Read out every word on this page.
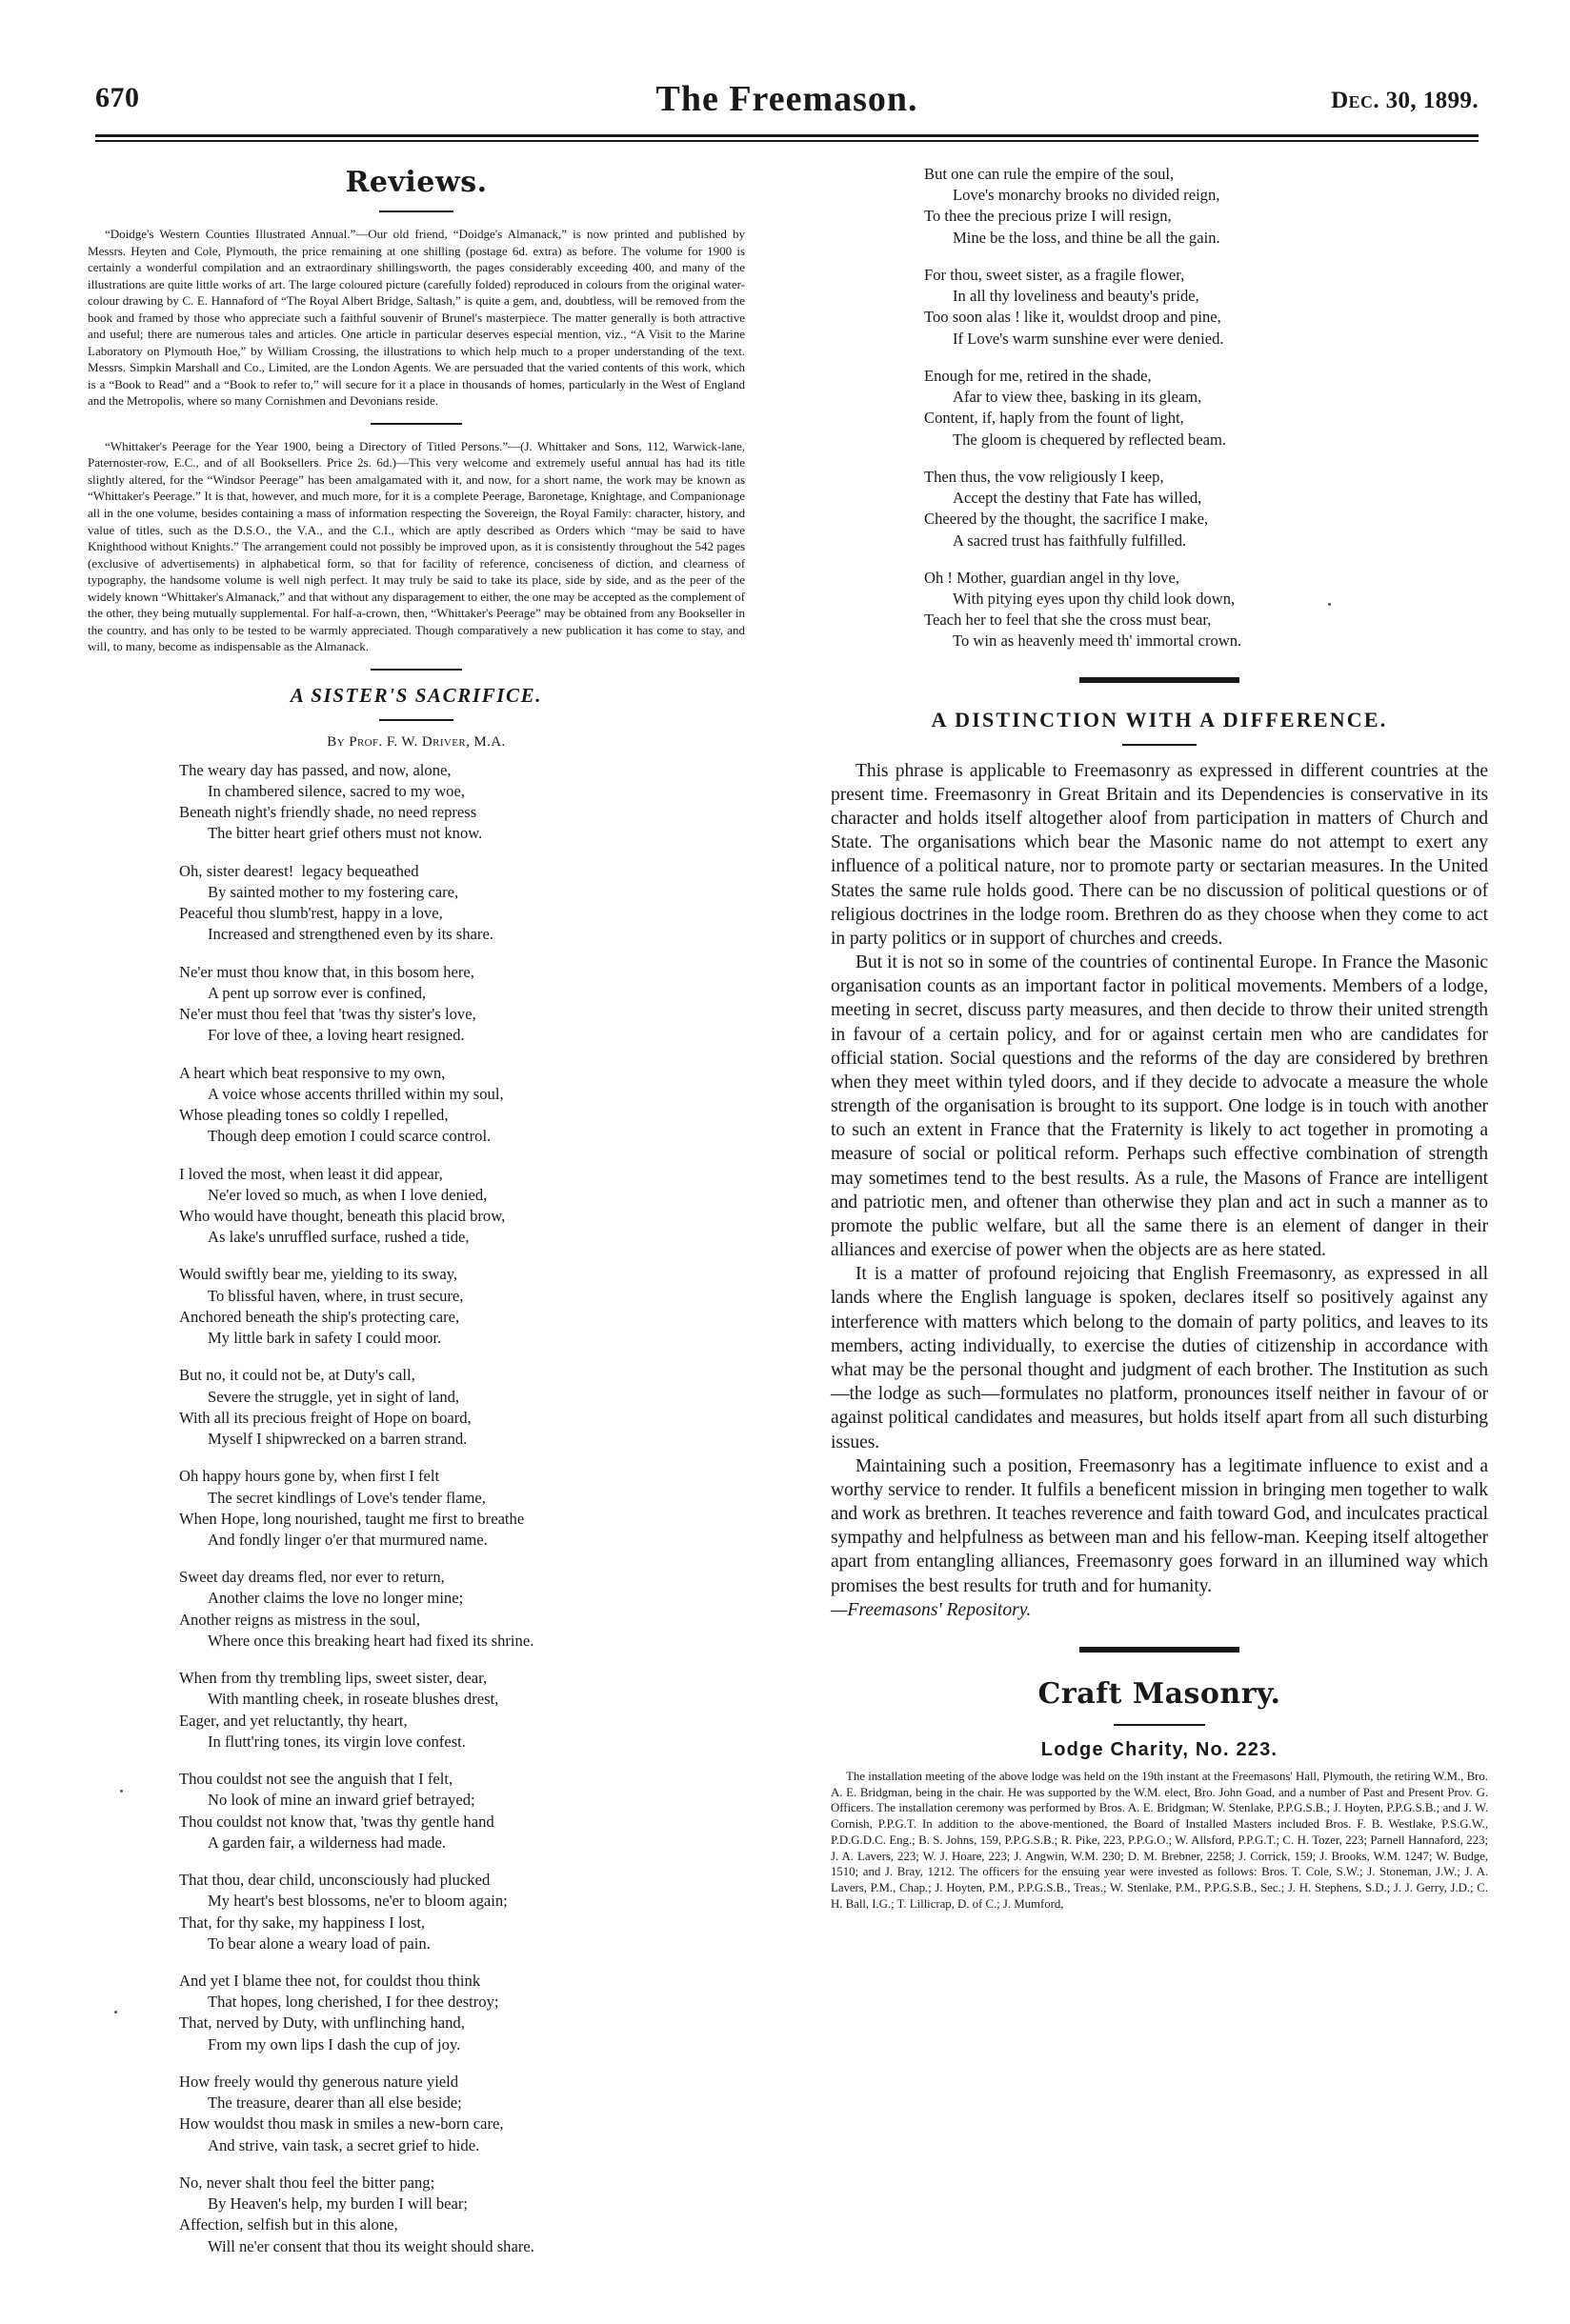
670	The Freemason.	Dec. 30, 1899.
Reviews.

“Doidge's Western Counties Illustrated Annual.”—Our old friend, “Doidge's Almanack,” is now printed and published by Messrs. Heyten and Cole, Plymouth, the price remaining at one shilling (postage 6d. extra) as before. The volume for 1900 is certainly a wonderful compilation and an extraordinary shillingsworth, the pages considerably exceeding 400, and many of the illustrations are quite little works of art. The large coloured picture (carefully folded) reproduced in colours from the original water-colour drawing by C. E. Hannaford of “The Royal Albert Bridge, Saltash,” is quite a gem, and, doubtless, will be removed from the book and framed by those who appreciate such a faithful souvenir of Brunel's masterpiece. The matter generally is both attractive and useful; there are numerous tales and articles. One article in particular deserves especial mention, viz., “A Visit to the Marine Laboratory on Plymouth Hoe,” by William Crossing, the illustrations to which help much to a proper understanding of the text. Messrs. Simpkin Marshall and Co., Limited, are the London Agents. We are persuaded that the varied contents of this work, which is a “Book to Read” and a “Book to refer to,” will secure for it a place in thousands of homes, particularly in the West of England and the Metropolis, where so many Cornishmen and Devonians reside.

“Whittaker's Peerage for the Year 1900, being a Directory of Titled Persons.”—(J. Whittaker and Sons, 112, Warwick-lane, Paternoster-row, E.C., and of all Booksellers. Price 2s. 6d.)—This very welcome and extremely useful annual has had its title slightly altered, for the “Windsor Peerage” has been amalgamated with it, and now, for a short name, the work may be known as “Whittaker's Peerage.” It is that, however, and much more, for it is a complete Peerage, Baronetage, Knightage, and Companionage all in the one volume, besides containing a mass of information respecting the Sovereign, the Royal Family: character, history, and value of titles, such as the D.S.O., the V.A., and the C.I., which are aptly described as Orders which “may be said to have Knighthood without Knights.” The arrangement could not possibly be improved upon, as it is consistently throughout the 542 pages (exclusive of advertisements) in alphabetical form, so that for facility of reference, conciseness of diction, and clearness of typography, the handsome volume is well nigh perfect. It may truly be said to take its place, side by side, and as the peer of the widely known “Whittaker's Almanack,” and that without any disparagement to either, the one may be accepted as the complement of the other, they being mutually supplemental. For half-a-crown, then, “Whittaker's Peerage” may be obtained from any Bookseller in the country, and has only to be tested to be warmly appreciated. Though comparatively a new publication it has come to stay, and will, to many, become as indispensable as the Almanack.

A SISTER'S SACRIFICE.
By Prof. F. W. Driver, M.A.
The weary day has passed, and now, alone,
In chambered silence, sacred to my woe,
Beneath night's friendly shade, no need repress
The bitter heart grief others must not know.
Oh, sister dearest!  legacy bequeathed
By sainted mother to my fostering care,
Peaceful thou slumb'rest, happy in a love,
Increased and strengthened even by its share.
Ne'er must thou know that, in this bosom here,
A pent up sorrow ever is confined,
Ne'er must thou feel that 'twas thy sister's love,
For love of thee, a loving heart resigned.
A heart which beat responsive to my own,
A voice whose accents thrilled within my soul,
Whose pleading tones so coldly I repelled,
Though deep emotion I could scarce control.
I loved the most, when least it did appear,
Ne'er loved so much, as when I love denied,
Who would have thought, beneath this placid brow,
As lake's unruffled surface, rushed a tide,
Would swiftly bear me, yielding to its sway,
To blissful haven, where, in trust secure,
Anchored beneath the ship's protecting care,
My little bark in safety I could moor.
But no, it could not be, at Duty's call,
Severe the struggle, yet in sight of land,
With all its precious freight of Hope on board,
Myself I shipwrecked on a barren strand.
Oh happy hours gone by, when first I felt
The secret kindlings of Love's tender flame,
When Hope, long nourished, taught me first to breathe
And fondly linger o'er that murmured name.
Sweet day dreams fled, nor ever to return,
Another claims the love no longer mine;
Another reigns as mistress in the soul,
Where once this breaking heart had fixed its shrine.
When from thy trembling lips, sweet sister, dear,
With mantling cheek, in roseate blushes drest,
Eager, and yet reluctantly, thy heart,
In flutt'ring tones, its virgin love confest.
Thou couldst not see the anguish that I felt,
No look of mine an inward grief betrayed;
Thou couldst not know that, 'twas thy gentle hand
A garden fair, a wilderness had made.
That thou, dear child, unconsciously had plucked
My heart's best blossoms, ne'er to bloom again;
That, for thy sake, my happiness I lost,
To bear alone a weary load of pain.
And yet I blame thee not, for couldst thou think
That hopes, long cherished, I for thee destroy;
That, nerved by Duty, with unflinching hand,
From my own lips I dash the cup of joy.
How freely would thy generous nature yield
The treasure, dearer than all else beside;
How wouldst thou mask in smiles a new-born care,
And strive, vain task, a secret grief to hide.
No, never shalt thou feel the bitter pang;
By Heaven's help, my burden I will bear;
Affection, selfish but in this alone,
Will ne'er consent that thou its weight should share.
But one can rule the empire of the soul,
Love's monarchy brooks no divided reign,
To thee the precious prize I will resign,
Mine be the loss, and thine be all the gain.
For thou, sweet sister, as a fragile flower,
In all thy loveliness and beauty's pride,
Too soon alas ! like it, wouldst droop and pine,
If Love's warm sunshine ever were denied.
Enough for me, retired in the shade,
Afar to view thee, basking in its gleam,
Content, if, haply from the fount of light,
The gloom is chequered by reflected beam.
Then thus, the vow religiously I keep,
Accept the destiny that Fate has willed,
Cheered by the thought, the sacrifice I make,
A sacred trust has faithfully fulfilled.
Oh ! Mother, guardian angel in thy love,
With pitying eyes upon thy child look down,
Teach her to feel that she the cross must bear,
To win as heavenly meed th' immortal crown.
A DISTINCTION WITH A DIFFERENCE.

This phrase is applicable to Freemasonry as expressed in different countries at the present time. Freemasonry in Great Britain and its Dependencies is conservative in its character and holds itself altogether aloof from participation in matters of Church and State. The organisations which bear the Masonic name do not attempt to exert any influence of a political nature, nor to promote party or sectarian measures. In the United States the same rule holds good. There can be no discussion of political questions or of religious doctrines in the lodge room. Brethren do as they choose when they come to act in party politics or in support of churches and creeds.

But it is not so in some of the countries of continental Europe. In France the Masonic organisation counts as an important factor in political movements. Members of a lodge, meeting in secret, discuss party measures, and then decide to throw their united strength in favour of a certain policy, and for or against certain men who are candidates for official station. Social questions and the reforms of the day are considered by brethren when they meet within tyled doors, and if they decide to advocate a measure the whole strength of the organisation is brought to its support. One lodge is in touch with another to such an extent in France that the Fraternity is likely to act together in promoting a measure of social or political reform. Perhaps such effective combination of strength may sometimes tend to the best results. As a rule, the Masons of France are intelligent and patriotic men, and oftener than otherwise they plan and act in such a manner as to promote the public welfare, but all the same there is an element of danger in their alliances and exercise of power when the objects are as here stated.

It is a matter of profound rejoicing that English Freemasonry, as expressed in all lands where the English language is spoken, declares itself so positively against any interference with matters which belong to the domain of party politics, and leaves to its members, acting individually, to exercise the duties of citizenship in accordance with what may be the personal thought and judgment of each brother. The Institution as such—the lodge as such—formulates no platform, pronounces itself neither in favour of or against political candidates and measures, but holds itself apart from all such disturbing issues.

Maintaining such a position, Freemasonry has a legitimate influence to exist and a worthy service to render. It fulfils a beneficent mission in bringing men together to walk and work as brethren. It teaches reverence and faith toward God, and inculcates practical sympathy and helpfulness as between man and his fellow-man. Keeping itself altogether apart from entangling alliances, Freemasonry goes forward in an illumined way which promises the best results for truth and for humanity.

—Freemasons' Repository.

Craft Masonry.
Lodge Charity, No. 223.

The installation meeting of the above lodge was held on the 19th instant at the Freemasons' Hall, Plymouth, the retiring W.M., Bro. A. E. Bridgman, being in the chair. He was supported by the W.M. elect, Bro. John Goad, and a number of Past and Present Prov. G. Officers. The installation ceremony was performed by Bros. A. E. Bridgman; W. Stenlake, P.P.G.S.B.; J. Hoyten, P.P.G.S.B.; and J. W. Cornish, P.P.G.T. In addition to the above-mentioned, the Board of Installed Masters included Bros. F. B. Westlake, P.S.G.W., P.D.G.D.C. Eng.; B. S. Johns, 159, P.P.G.S.B.; R. Pike, 223, P.P.G.O.; W. Allsford, P.P.G.T.; C. H. Tozer, 223; Parnell Hannaford, 223; J. A. Lavers, 223; W. J. Hoare, 223; J. Angwin, W.M. 230; D. M. Brebner, 2258; J. Corrick, 159; J. Brooks, W.M. 1247; W. Budge, 1510; and J. Bray, 1212. The officers for the ensuing year were invested as follows: Bros. T. Cole, S.W.; J. Stoneman, J.W.; J. A. Lavers, P.M., Chap.; J. Hoyten, P.M., P.P.G.S.B., Treas.; W. Stenlake, P.M., P.P.G.S.B., Sec.; J. H. Stephens, S.D.; J. J. Gerry, J.D.; C. H. Ball, I.G.; T. Lillicrap, D. of C.; J. Mumford,
